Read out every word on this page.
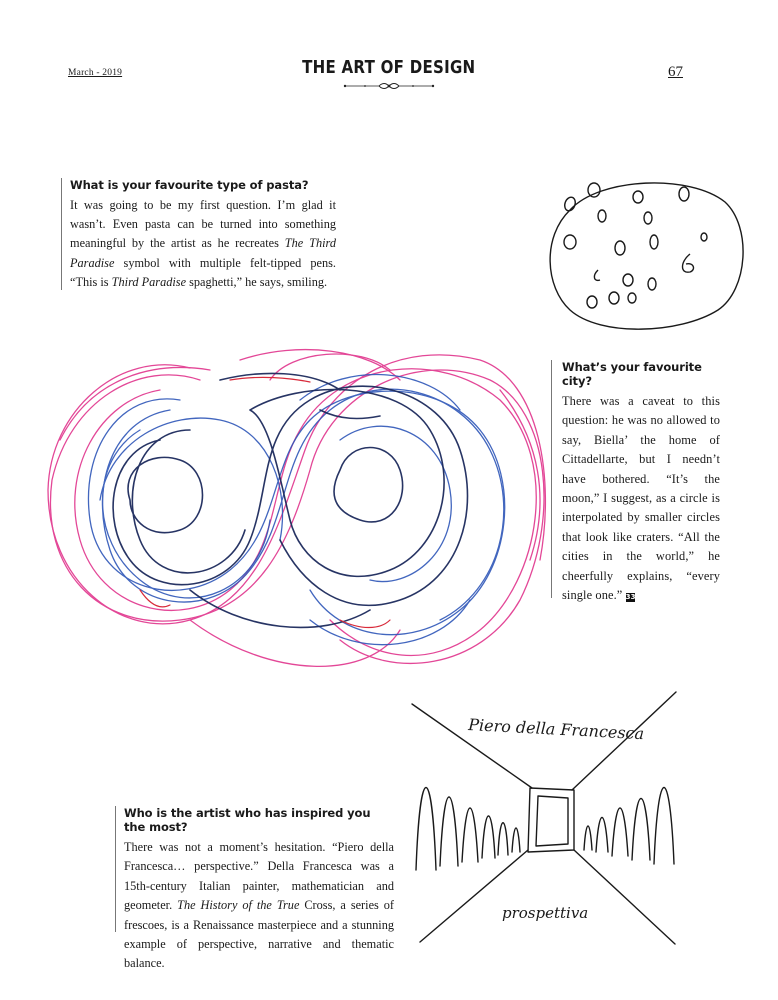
March - 2019	THE ART OF DESIGN	67

What is your favourite type of pasta?

It was going to be my first question. I’m glad it wasn’t. Even pasta can be turned into something meaningful by the artist as he recreates The Third Paradise symbol with multiple felt-tipped pens. “This is Third Paradise spaghetti,” he says, smiling.

What’s your favourite city?

There was a caveat to this question: he was no allowed to say, Biella’ the home of Cittadellarte, but I needn’t have bothered. “It’s the moon,” I suggest, as a circle is interpolated by smaller circles that look like craters. “All the cities in the world,” he cheerfully explains, “every single one.” 33

Piero della Francesca
prospettiva

Who is the artist who has inspired you the most?

There was not a moment’s hesitation. “Piero della Francesca… perspective.” Della Francesca was a 15th-century Italian painter, mathematician and geometer. The History of the True Cross, a series of frescoes, is a Renaissance masterpiece and a stunning example of perspective, narrative and thematic balance.
